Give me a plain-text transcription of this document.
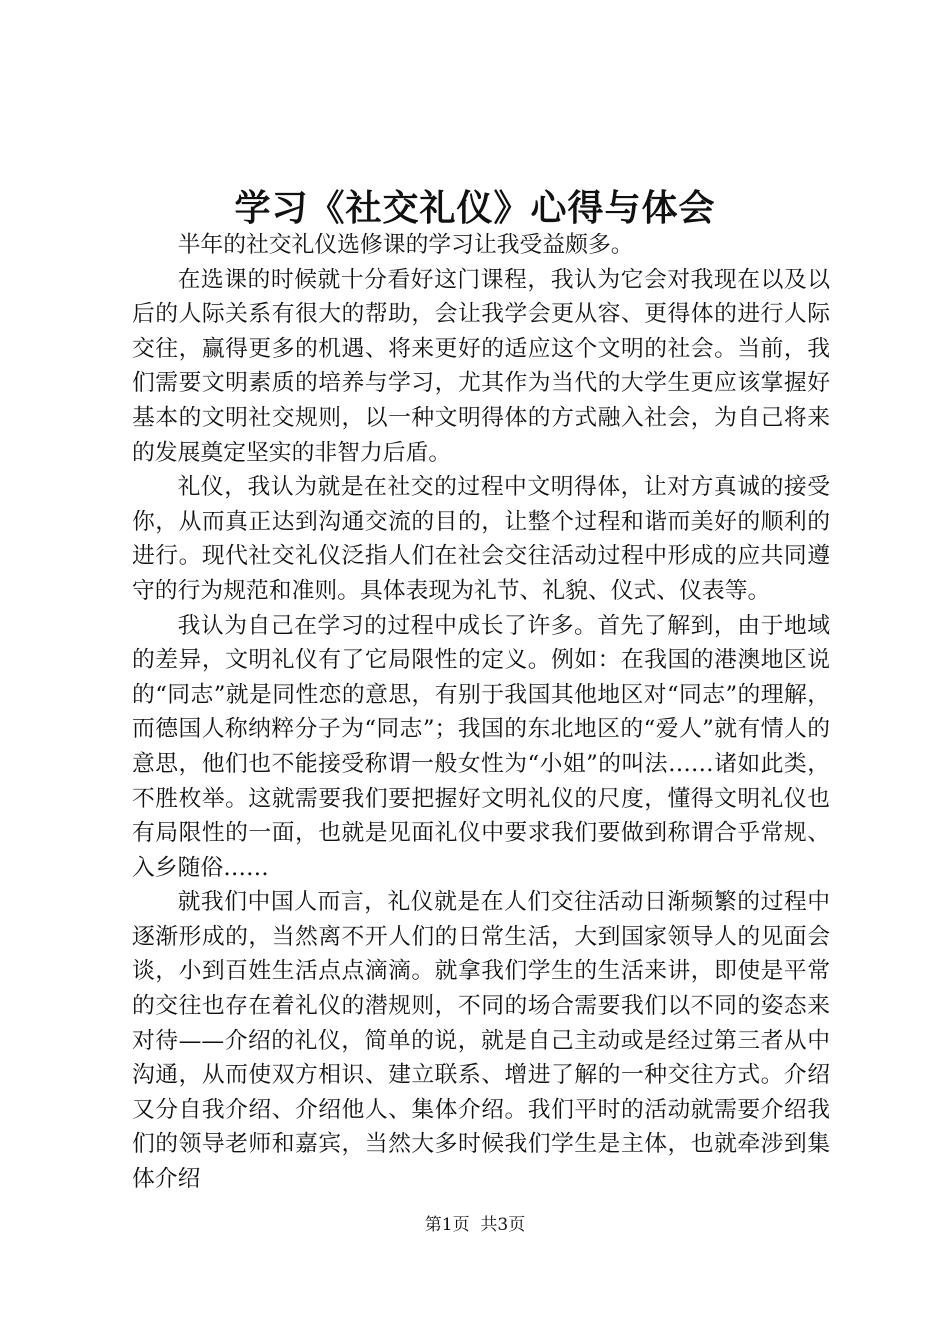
学习《社交礼仪》心得与体会

半年的社交礼仪选修课的学习让我受益颇多。

在选课的时候就十分看好这门课程，我认为它会对我现在以及以后的人际关系有很大的帮助，会让我学会更从容、更得体的进行人际交往，赢得更多的机遇、将来更好的适应这个文明的社会。当前，我们需要文明素质的培养与学习，尤其作为当代的大学生更应该掌握好基本的文明社交规则，以一种文明得体的方式融入社会，为自己将来的发展奠定坚实的非智力后盾。

礼仪，我认为就是在社交的过程中文明得体，让对方真诚的接受你，从而真正达到沟通交流的目的，让整个过程和谐而美好的顺利的进行。现代社交礼仪泛指人们在社会交往活动过程中形成的应共同遵守的行为规范和准则。具体表现为礼节、礼貌、仪式、仪表等。

我认为自己在学习的过程中成长了许多。首先了解到，由于地域的差异，文明礼仪有了它局限性的定义。例如：在我国的港澳地区说的“同志”就是同性恋的意思，有别于我国其他地区对“同志”的理解，而德国人称纳粹分子为“同志”；我国的东北地区的“爱人”就有情人的意思，他们也不能接受称谓一般女性为“小姐”的叫法……诸如此类，不胜枚举。这就需要我们要把握好文明礼仪的尺度，懂得文明礼仪也有局限性的一面，也就是见面礼仪中要求我们要做到称谓合乎常规、入乡随俗……

就我们中国人而言，礼仪就是在人们交往活动日渐频繁的过程中逐渐形成的，当然离不开人们的日常生活，大到国家领导人的见面会谈，小到百姓生活点点滴滴。就拿我们学生的生活来讲，即使是平常的交往也存在着礼仪的潜规则，不同的场合需要我们以不同的姿态来对待——介绍的礼仪，简单的说，就是自己主动或是经过第三者从中沟通，从而使双方相识、建立联系、增进了解的一种交往方式。介绍又分自我介绍、介绍他人、集体介绍。我们平时的活动就需要介绍我们的领导老师和嘉宾，当然大多时候我们学生是主体，也就牵涉到集体介绍

第1页  共3页
